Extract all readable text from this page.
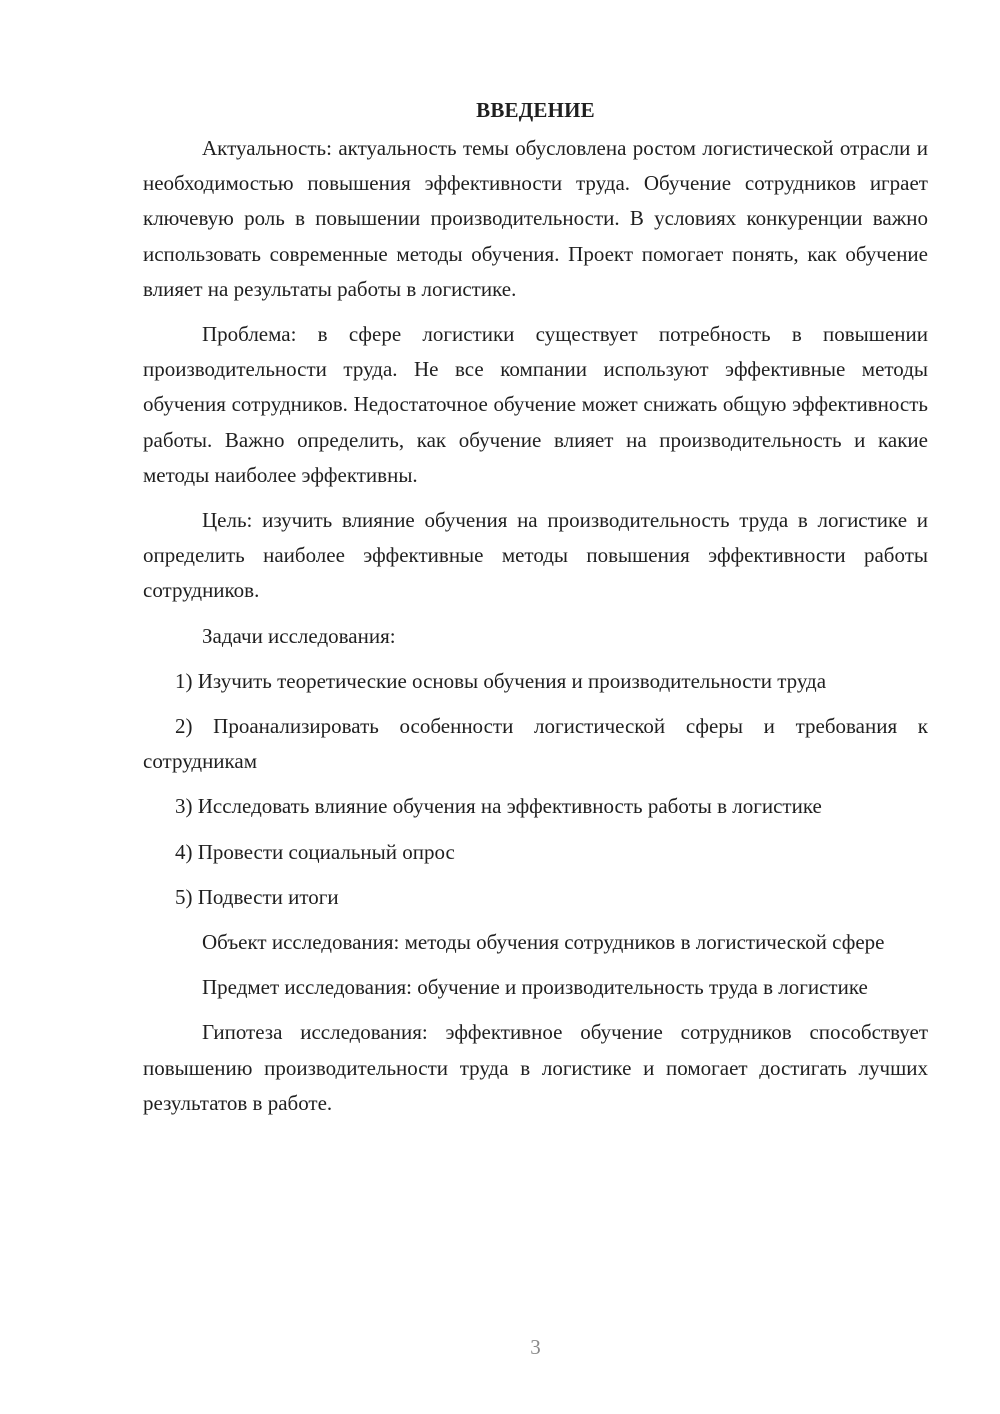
ВВЕДЕНИЕ

Актуальность: актуальность темы обусловлена ростом логистической отрасли и необходимостью повышения эффективности труда. Обучение сотрудников играет ключевую роль в повышении производительности. В условиях конкуренции важно использовать современные методы обучения. Проект помогает понять, как обучение влияет на результаты работы в логистике.

Проблема: в сфере логистики существует потребность в повышении производительности труда. Не все компании используют эффективные методы обучения сотрудников. Недостаточное обучение может снижать общую эффективность работы. Важно определить, как обучение влияет на производительность и какие методы наиболее эффективны.

Цель: изучить влияние обучения на производительность труда в логистике и определить наиболее эффективные методы повышения эффективности работы сотрудников.

Задачи исследования:

1) Изучить теоретические основы обучения и производительности труда

2) Проанализировать особенности логистической сферы и требования к сотрудникам

3) Исследовать влияние обучения на эффективность работы в логистике

4) Провести социальный опрос

5) Подвести итоги

Объект исследования: методы обучения сотрудников в логистической сфере

Предмет исследования: обучение и производительность труда в логистике

Гипотеза исследования: эффективное обучение сотрудников способствует повышению производительности труда в логистике и помогает достигать лучших результатов в работе.

3
